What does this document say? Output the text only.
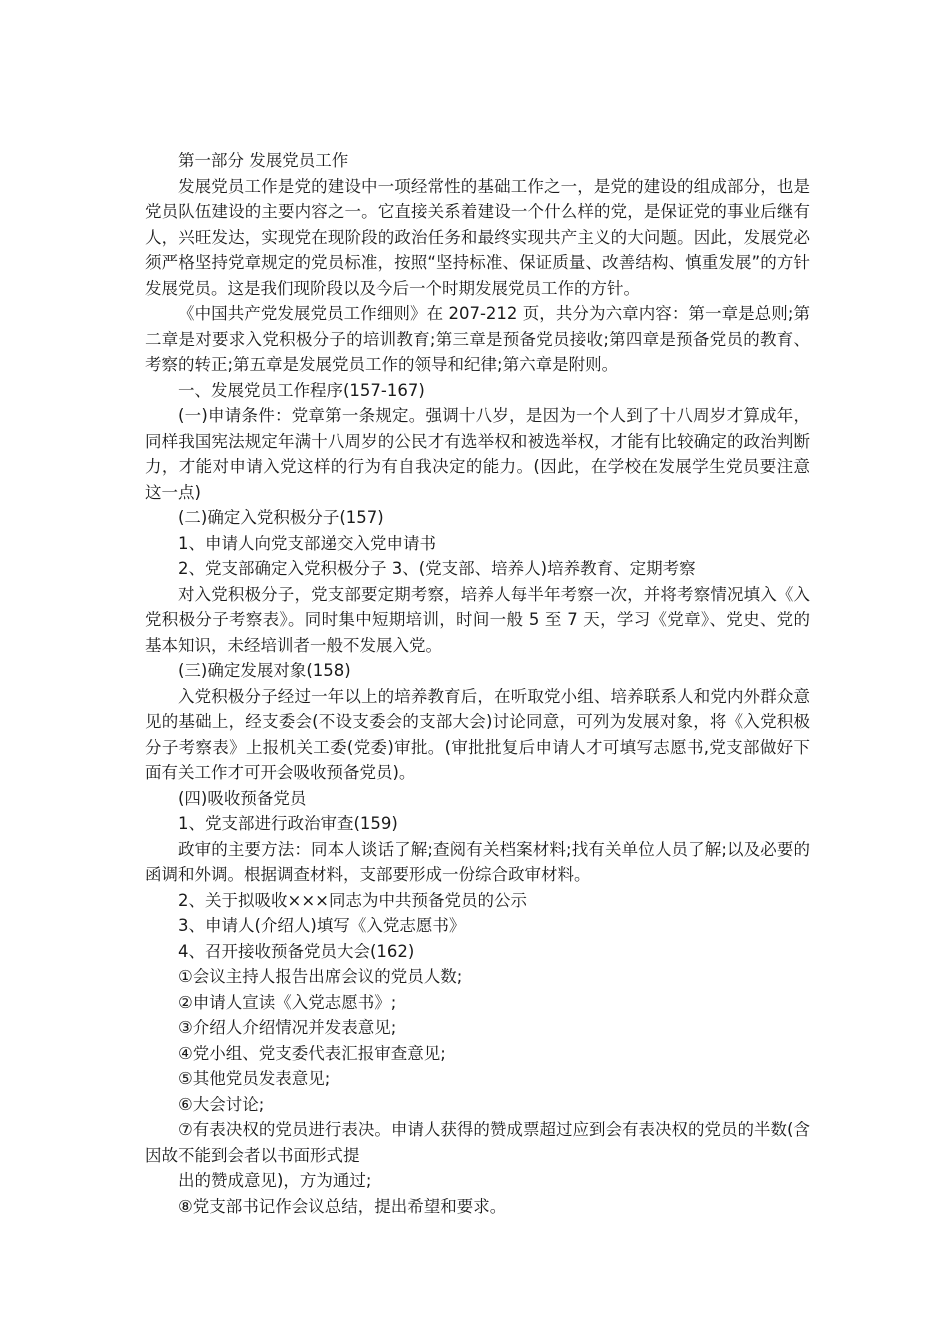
第一部分 发展党员工作

发展党员工作是党的建设中一项经常性的基础工作之一，是党的建设的组成部分，也是党员队伍建设的主要内容之一。它直接关系着建设一个什么样的党，是保证党的事业后继有人，兴旺发达，实现党在现阶段的政治任务和最终实现共产主义的大问题。因此，发展党必须严格坚持党章规定的党员标准，按照“坚持标准、保证质量、改善结构、慎重发展”的方针发展党员。这是我们现阶段以及今后一个时期发展党员工作的方针。

《中国共产党发展党员工作细则》在 207-212 页，共分为六章内容：第一章是总则;第二章是对要求入党积极分子的培训教育;第三章是预备党员接收;第四章是预备党员的教育、考察的转正;第五章是发展党员工作的领导和纪律;第六章是附则。

一、发展党员工作程序(157-167)

(一)申请条件：党章第一条规定。强调十八岁，是因为一个人到了十八周岁才算成年，同样我国宪法规定年满十八周岁的公民才有选举权和被选举权，才能有比较确定的政治判断力，才能对申请入党这样的行为有自我决定的能力。(因此，在学校在发展学生党员要注意这一点)

(二)确定入党积极分子(157)

1、申请人向党支部递交入党申请书

2、党支部确定入党积极分子 3、(党支部、培养人)培养教育、定期考察

对入党积极分子，党支部要定期考察，培养人每半年考察一次，并将考察情况填入《入党积极分子考察表》。同时集中短期培训，时间一般 5 至 7 天，学习《党章》、党史、党的基本知识，未经培训者一般不发展入党。

(三)确定发展对象(158)

入党积极分子经过一年以上的培养教育后，在听取党小组、培养联系人和党内外群众意见的基础上，经支委会(不设支委会的支部大会)讨论同意，可列为发展对象，将《入党积极分子考察表》上报机关工委(党委)审批。(审批批复后申请人才可填写志愿书,党支部做好下面有关工作才可开会吸收预备党员)。

(四)吸收预备党员

1、党支部进行政治审查(159)

政审的主要方法：同本人谈话了解;查阅有关档案材料;找有关单位人员了解;以及必要的函调和外调。根据调查材料，支部要形成一份综合政审材料。

2、关于拟吸收×××同志为中共预备党员的公示

3、申请人(介绍人)填写《入党志愿书》

4、召开接收预备党员大会(162)

①会议主持人报告出席会议的党员人数;

②申请人宣读《入党志愿书》;

③介绍人介绍情况并发表意见;

④党小组、党支委代表汇报审查意见;

⑤其他党员发表意见;

⑥大会讨论;

⑦有表决权的党员进行表决。申请人获得的赞成票超过应到会有表决权的党员的半数(含因故不能到会者以书面形式提

出的赞成意见)，方为通过;

⑧党支部书记作会议总结，提出希望和要求。
